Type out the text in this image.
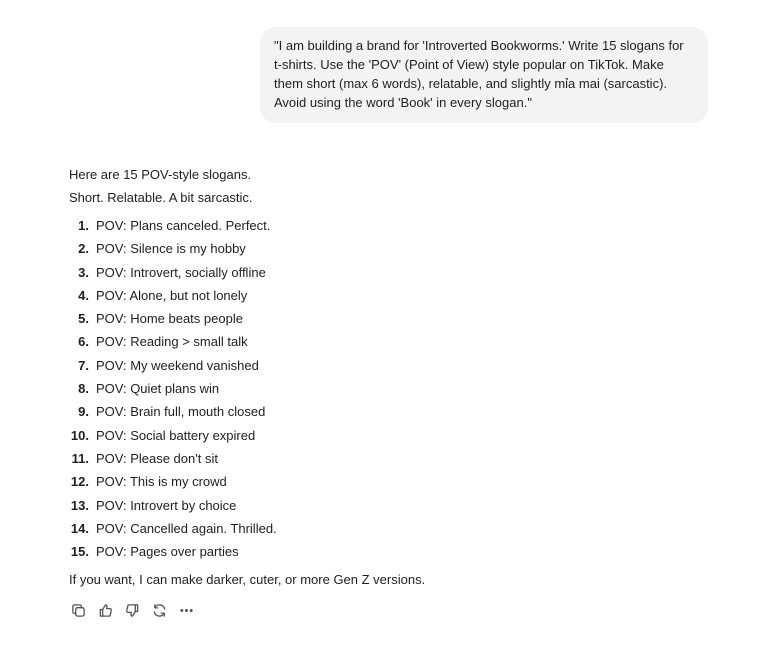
"I am building a brand for 'Introverted Bookworms.' Write 15 slogans for t-shirts. Use the 'POV' (Point of View) style popular on TikTok. Make them short (max 6 words), relatable, and slightly mỉa mai (sarcastic). Avoid using the word 'Book' in every slogan."
Here are 15 POV-style slogans.
Short. Relatable. A bit sarcastic.
1. POV: Plans canceled. Perfect.
2. POV: Silence is my hobby
3. POV: Introvert, socially offline
4. POV: Alone, but not lonely
5. POV: Home beats people
6. POV: Reading > small talk
7. POV: My weekend vanished
8. POV: Quiet plans win
9. POV: Brain full, mouth closed
10. POV: Social battery expired
11. POV: Please don't sit
12. POV: This is my crowd
13. POV: Introvert by choice
14. POV: Cancelled again. Thrilled.
15. POV: Pages over parties
If you want, I can make darker, cuter, or more Gen Z versions.
